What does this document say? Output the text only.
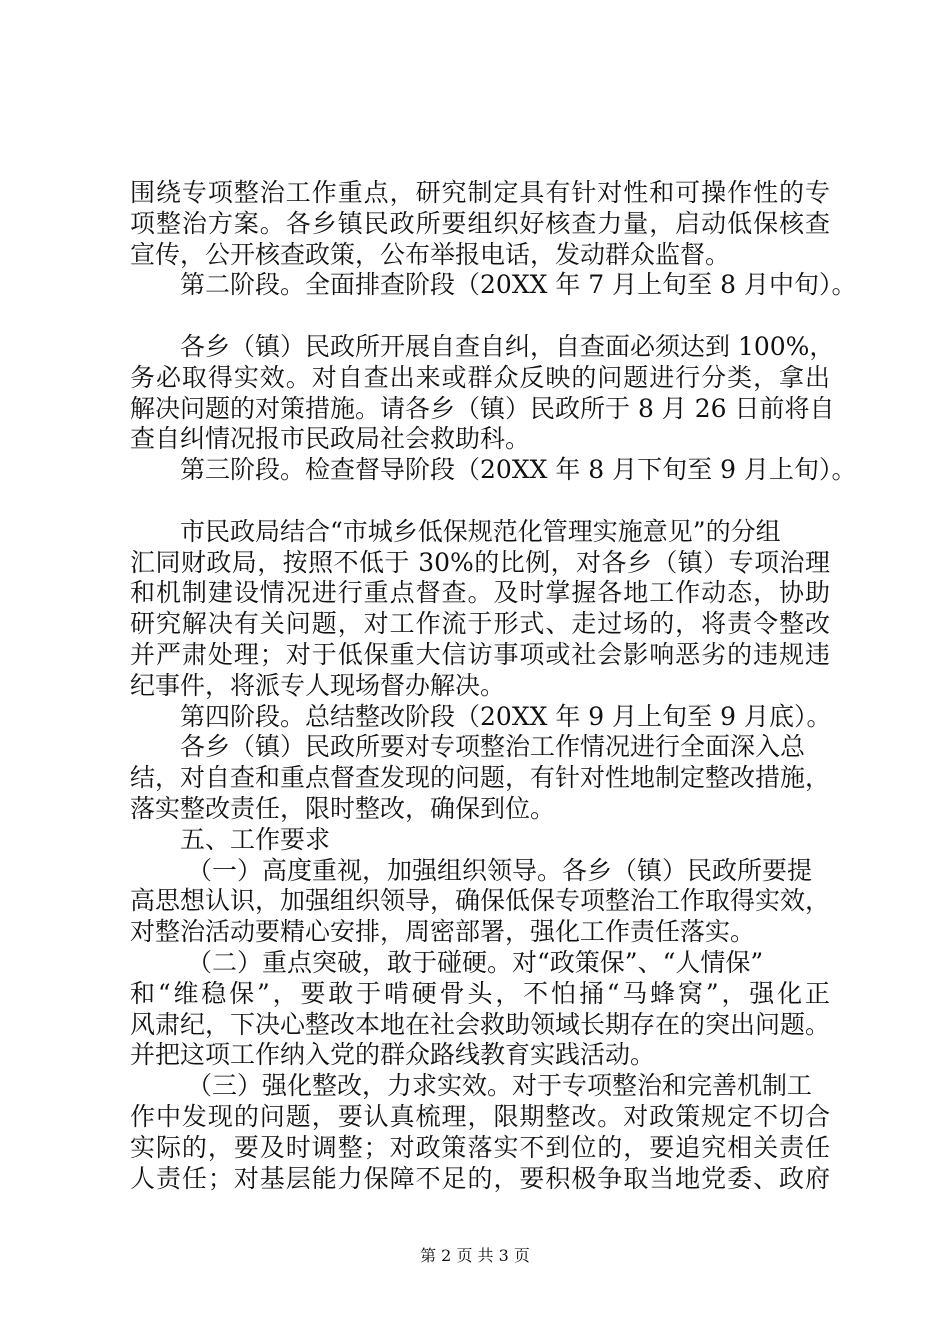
围绕专项整治工作重点，研究制定具有针对性和可操作性的专
项整治方案。各乡镇民政所要组织好核查力量，启动低保核查
宣传，公开核查政策，公布举报电话，发动群众监督。
第二阶段。全面排查阶段（20XX 年 7 月上旬至 8 月中旬）。
各乡（镇）民政所开展自查自纠，自查面必须达到 100%，
务必取得实效。对自查出来或群众反映的问题进行分类，拿出
解决问题的对策措施。请各乡（镇）民政所于 8 月 26 日前将自
查自纠情况报市民政局社会救助科。
第三阶段。检查督导阶段（20XX 年 8 月下旬至 9 月上旬）。
市民政局结合“市城乡低保规范化管理实施意见”的分组
汇同财政局，按照不低于 30%的比例，对各乡（镇）专项治理
和机制建设情况进行重点督查。及时掌握各地工作动态，协助
研究解决有关问题，对工作流于形式、走过场的，将责令整改
并严肃处理；对于低保重大信访事项或社会影响恶劣的违规违
纪事件，将派专人现场督办解决。
第四阶段。总结整改阶段（20XX 年 9 月上旬至 9 月底）。
各乡（镇）民政所要对专项整治工作情况进行全面深入总
结，对自查和重点督查发现的问题，有针对性地制定整改措施，
落实整改责任，限时整改，确保到位。
五、工作要求
（一）高度重视，加强组织领导。各乡（镇）民政所要提
高思想认识，加强组织领导，确保低保专项整治工作取得实效，
对整治活动要精心安排，周密部署，强化工作责任落实。
（二）重点突破，敢于碰硬。对“政策保”、“人情保”
和“维稳保”，要敢于啃硬骨头，不怕捅“马蜂窝”，强化正
风肃纪，下决心整改本地在社会救助领域长期存在的突出问题。
并把这项工作纳入党的群众路线教育实践活动。
（三）强化整改，力求实效。对于专项整治和完善机制工
作中发现的问题，要认真梳理，限期整改。对政策规定不切合
实际的，要及时调整；对政策落实不到位的，要追究相关责任
人责任；对基层能力保障不足的，要积极争取当地党委、政府
第 2 页 共 3 页
